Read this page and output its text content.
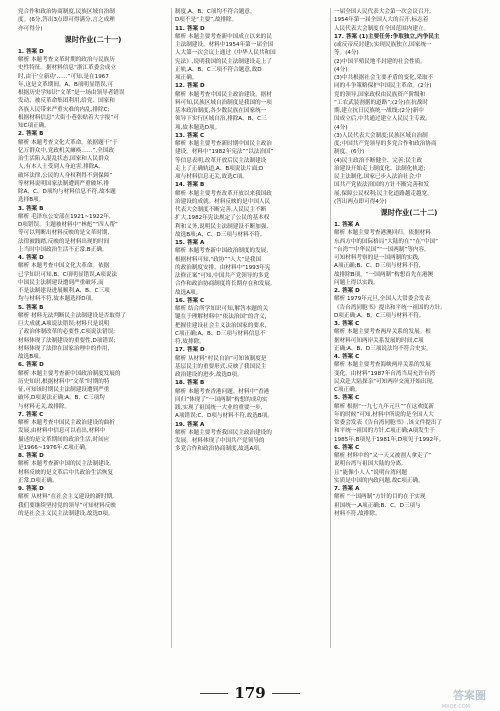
党合作和政治协商制度,民族区域自治制
度。(6分,答出3点即可得满分,言之成理
亦可得分)
课时作业(二十一)
1. 答案 D
解析 本题考查文革时期的政治与民族历
史性特征。据材料信息“浙江革委会成立
时,由于'立新功'……”可知,是在1967
年,这是文革期间。A、B项明显错误,可
根据历史学知识“文革”是一场由领导者错误
发动、被反革命集团利用,给党、国家和
各族人民带来严重灾难的内乱,排除C;
根据材料信息“大街小巷张贴着大字报”可
知C项正确。
2. 答案 B
解析 本题考查文化大革命。依据题干“于
亿万群众中,党政机关瘫痪……”,全国政
治生活陷入混乱状态,国家和人民群众
人,有本人士受到人身迫害,排除A、
破坏法律,公民的人身权利得不到保障”
等材料说明国家法制遭到严重破坏,排
除A、C、D项均与材料信息不符,故本题
选择B项。
3. 答案 B
解析 毛泽东公安部在1921~1922年,
D项错误。主题被材料中“林彪”“四人帮”
等可以判断出材料反映的是文革时期,
法律被践踏,反映的是材料出现的时间
上当时中国政治生活不正常,B正确。
4. 答案 D
解析 本题考查中国文化大革命。依据
已学知识可知,B、C项明显错误,A项说法
中国民主法制建设遭到严重破坏,而
不是法制建设进展顺利,A、B、C三项
均与材料不符,故本题选择D项。
5. 答案 B
解析 材料无法判断民主法制建设是否取得了
巨大成就,A项说法错误;材料只是说明
了政治体制改革的必要性,C项说法错误;
材料体现了法制建设的重要性,D项错误;
材料体现了法律在国家治理中的作用,
故选B项。
6. 答案 D
解析 本题主要考查新中国政治制度发展的
历史知识,根据材料中“文革”时期的特
征,可知该时期民主法制建设遭到严重
破坏,D项说法正确;A、B、C三项均
与材料无关,故排除。
7. 答案 C
解析 本题考查中国民主政治建设的曲折
发展,由材料中信息可以看出,材料中
描述的是文革期间的政治生活,时间应
是1966~1976年,C项正确。
8. 答案 D
解析 本题考查新中国的民主法制建设。
材料反映的是文革后中共政治生活恢复
正常,D项正确。
9. 答案 D
解析 从材料“在社会主义建设的新时期,
我们要继续坚持党的领导”可知材料反映
的是社会主义民主法制建设,故选D项。
制度,A、B、C项均不符合题意。
D项不是“主要”,故排除。
11. 答案 D
解析 本题主要考查新中国成立以来的民
主法制建设。材料中1954年第一届全国
人大第一次会议上通过《中华人民共和国
宪法》,说明我国的民主法制建设走上了
正轨,A、B、C三项不符合题意,故D
项正确。
12. 答案 D
解析 本题考查中国民主政治建设。据材
料可知,民族区域自治制度是我国的一项
基本政治制度,各少数民族在国家统一
领导下实行区域自治,排除A、B、C三
项,故本题选D项。
13. 答案 C
解析 本题主要考查新时期中国民主政治
建设。材料中“1982年宪法”“以法治国”
等信息表明,改革开放后民主法制建设
走上了正确轨道,A、B项说法片面;D
项与材料信息无关,故选C项。
14. 答案 B
解析 本题主要考查改革开放以来我国政
治建设的成就。材料反映的是中国人民
代表大会制度不断完善,人民民主不断
扩大,1982年宪法规定了公民的基本权
利和义务,说明民主法制建设不断加强,
故选B项;A、C、D三项与材料不符。
15. 答案 A
解析 本题考查新中国政治制度的发展,
根据材料可知,“政协”“人大”是我国
的政治制度安排。由材料中“1993年宪
法修正案”可知,中国共产党领导的多党
合作和政治协商制度将长期存在和发展,
故选A项。
16. 答案 C
解析 结合所学知识可知,解答本题的关
键在于理解材料中“依法治国”的含义,
把握住建设社会主义法治国家的要求,
C项正确;A、B、D三项与材料信息不
符,故排除。
17. 答案 D
解析 从材料“村民自治”可知该制度是
基层民主的重要形式,反映了我国民主
政治建设的进步,故选D项。
18. 答案 B
解析 本题考查香港问题。材料中“香港
回归”体现了“一国两制”构想的成功实
践,实现了祖国统一大业的重要一步,
A项错误;C、D项与材料不符,故选B项。
19. 答案 A
解析 本题主要考查我国民主政治建设的
发展。材料体现了中国共产党领导的
多党合作和政治协商制度,故选A项。
一届全国人民代表大会第一次会议召开,
1954年第一届全国人大的召开,标志着
人民代表大会制度在全国范围内建立。
17. 答案 (1)主要任务:争取独立,内争民主
(或反帝反封建);实现民族独立,国家统一
等。(4分)
(2)中国半殖民地半封建的社会性质。
(4分)
(3)中共根据社会主要矛盾的变化,采取不
同的斗争策略保护中国民主革命。(2分)
党的领导,国家政权由民族资产阶级和
“工农武装割据的道路”;(2分)在抗战时
期,建立抗日民族统一战线;(2分)新中
国成立后,中共通过建立人民民主专政。
(4分)
(3)人民代表大会制度;民族区域自治制
度;中国共产党领导的多党合作和政治协商
制度。(6分)
(4)民主政治不断健全、完善;民主政
治建设开始走上制度化、法制化轨道;
民主法制化,国家已步入法治社会;中
国共产党依法治国的方针不断完善和发
展,保障公民权利;民主化道路越走越宽。
(答出两点即可得4分)
课时作业(二十二)
1. 答案 A
解析 本题主要考查港澳回归。依据材料
东西方中的国际格局“大陆的在””在“中国”
“台湾”“中华民国”“一国两制”等内容,
可知材料考察的是一国两制的实践,
A项正确;B、C、D三项与材料不符,
故排除B项。“一国两制”构想首先在港澳
问题上得以实践。
2. 答案 D
解析 1979年元旦,全国人大常委会发表
《告台湾同胞书》提出和平统一祖国的方针,
D项正确;A、B、C三项与材料不符。
3. 答案 C
解析 本题主要考查两岸关系的发展。根
据材料可知两岸关系发展的时间,C项
正确;A、B、D三项说法均不符合史实。
4. 答案 C
解析 本题主要考查海峡两岸关系的发展
变化。由材料“1987年台湾当局允许台湾
民众赴大陆探亲”可知两岸交流开始出现,
C项正确。
5. 答案 C
解析 根据“一九七九年元旦”“在这欢度新
年的时候”可知,材料中所说的是全国人大
常委会发表《告台湾同胞书》,该文件提出了
和平统一祖国的方针,C项正确;A项发生于
1985年,B项见于1981年,D项见于1992年。
6. 答案 C
解析 材料中的“又一天又被割人拿走了”
说明台湾与祖国大陆的分离,
且“能像小人人”说明台湾问题
实质是中国的内政问题,故C项正确。
7. 答案 A
解析 “一国两制”方针的目的在于实现
祖国统一,A项正确;B、C、D三项与
材料不符,故排除。
179	答案圈
MXQE.COM
